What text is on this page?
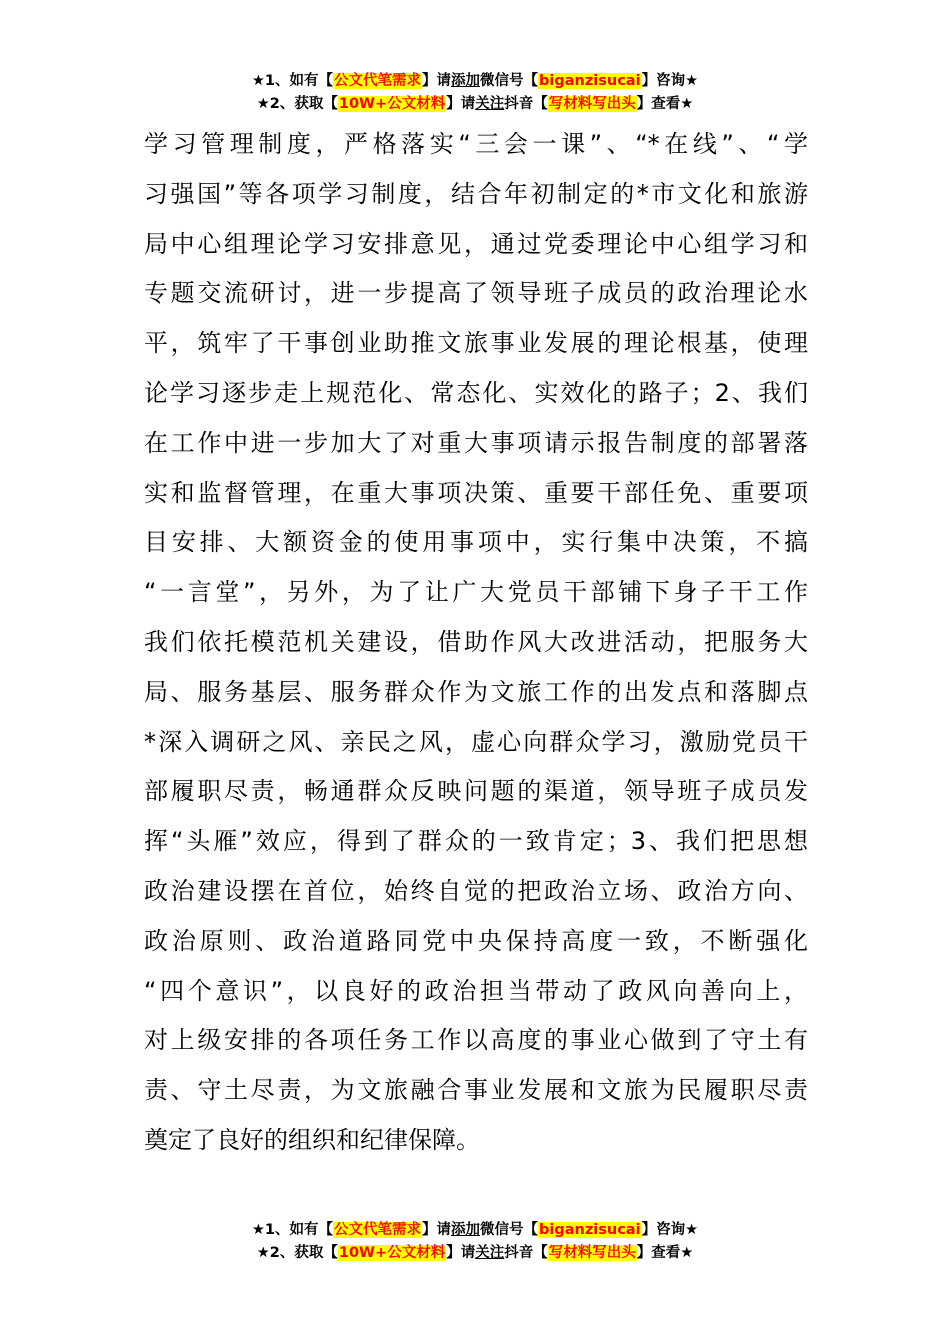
★1、如有【公文代笔需求】请添加微信号【biganzisucai】咨询★
★2、获取【10W+公文材料】请关注抖音【写材料写出头】查看★
学习管理制度，严格落实“三会一课”、“*在线”、“学
习强国”等各项学习制度，结合年初制定的*市文化和旅游
局中心组理论学习安排意见，通过党委理论中心组学习和
专题交流研讨，进一步提高了领导班子成员的政治理论水
平，筑牢了干事创业助推文旅事业发展的理论根基，使理
论学习逐步走上规范化、常态化、实效化的路子；2、我们
在工作中进一步加大了对重大事项请示报告制度的部署落
实和监督管理，在重大事项决策、重要干部任免、重要项
目安排、大额资金的使用事项中，实行集中决策，不搞
“一言堂”，另外，为了让广大党员干部铺下身子干工作
我们依托模范机关建设，借助作风大改进活动，把服务大
局、服务基层、服务群众作为文旅工作的出发点和落脚点
*深入调研之风、亲民之风，虚心向群众学习，激励党员干
部履职尽责，畅通群众反映问题的渠道，领导班子成员发
挥“头雁”效应，得到了群众的一致肯定；3、我们把思想
政治建设摆在首位，始终自觉的把政治立场、政治方向、
政治原则、政治道路同党中央保持高度一致，不断强化
“四个意识”，以良好的政治担当带动了政风向善向上，
对上级安排的各项任务工作以高度的事业心做到了守土有
责、守土尽责，为文旅融合事业发展和文旅为民履职尽责
奠定了良好的组织和纪律保障。
★1、如有【公文代笔需求】请添加微信号【biganzisucai】咨询★
★2、获取【10W+公文材料】请关注抖音【写材料写出头】查看★
